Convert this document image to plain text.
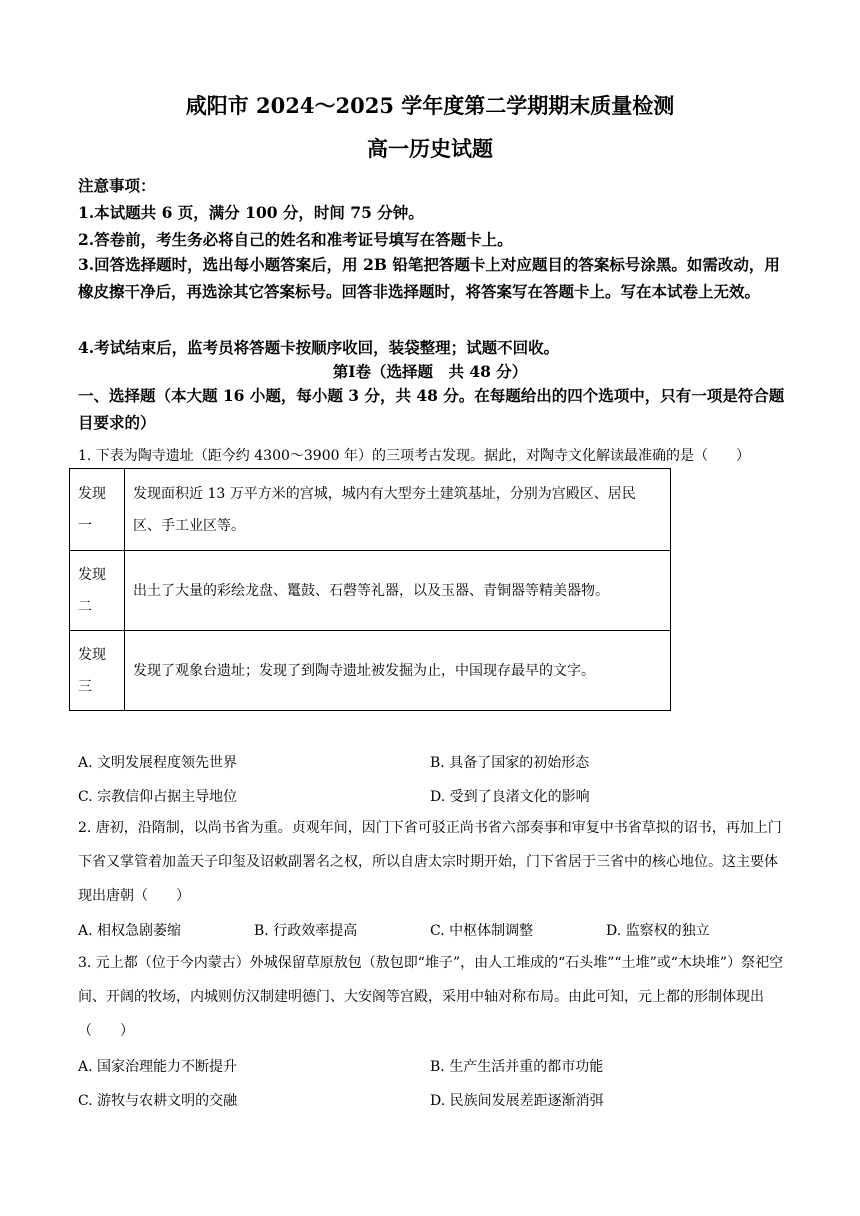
咸阳市 2024～2025 学年度第二学期期末质量检测
高一历史试题
注意事项：
1.本试题共 6 页，满分 100 分，时间 75 分钟。
2.答卷前，考生务必将自己的姓名和准考证号填写在答题卡上。
3.回答选择题时，选出每小题答案后，用 2B 铅笔把答题卡上对应题目的答案标号涂黑。如需改动，用橡皮擦干净后，再选涂其它答案标号。回答非选择题时，将答案写在答题卡上。写在本试卷上无效。
4.考试结束后，监考员将答题卡按顺序收回，装袋整理；试题不回收。
第Ⅰ卷（选择题　共 48 分）
一、选择题（本大题 16 小题，每小题 3 分，共 48 分。在每题给出的四个选项中，只有一项是符合题目要求的）
1. 下表为陶寺遗址（距今约 4300～3900 年）的三项考古发现。据此，对陶寺文化解读最准确的是（　　）
发现一	发现面积近 13 万平方米的宫城，城内有大型夯土建筑基址，分别为宫殿区、居民区、手工业区等。
发现二	出土了大量的彩绘龙盘、鼍鼓、石磬等礼器，以及玉器、青铜器等精美器物。
发现三	发现了观象台遗址；发现了到陶寺遗址被发掘为止，中国现存最早的文字。
A. 文明发展程度领先世界	B. 具备了国家的初始形态
C. 宗教信仰占据主导地位	D. 受到了良渚文化的影响
2. 唐初，沿隋制，以尚书省为重。贞观年间，因门下省可驳正尚书省六部奏事和审复中书省草拟的诏书，再加上门下省又掌管着加盖天子印玺及诏敕副署名之权，所以自唐太宗时期开始，门下省居于三省中的核心地位。这主要体现出唐朝（　　）
A. 相权急剧萎缩	B. 行政效率提高	C. 中枢体制调整	D. 监察权的独立
3. 元上都（位于今内蒙古）外城保留草原敖包（敖包即“堆子”，由人工堆成的“石头堆”“土堆”或“木块堆”）祭祀空间、开阔的牧场，内城则仿汉制建明德门、大安阁等宫殿，采用中轴对称布局。由此可知，元上都的形制体现出（　　）
A. 国家治理能力不断提升	B. 生产生活并重的都市功能
C. 游牧与农耕文明的交融	D. 民族间发展差距逐渐消弭
